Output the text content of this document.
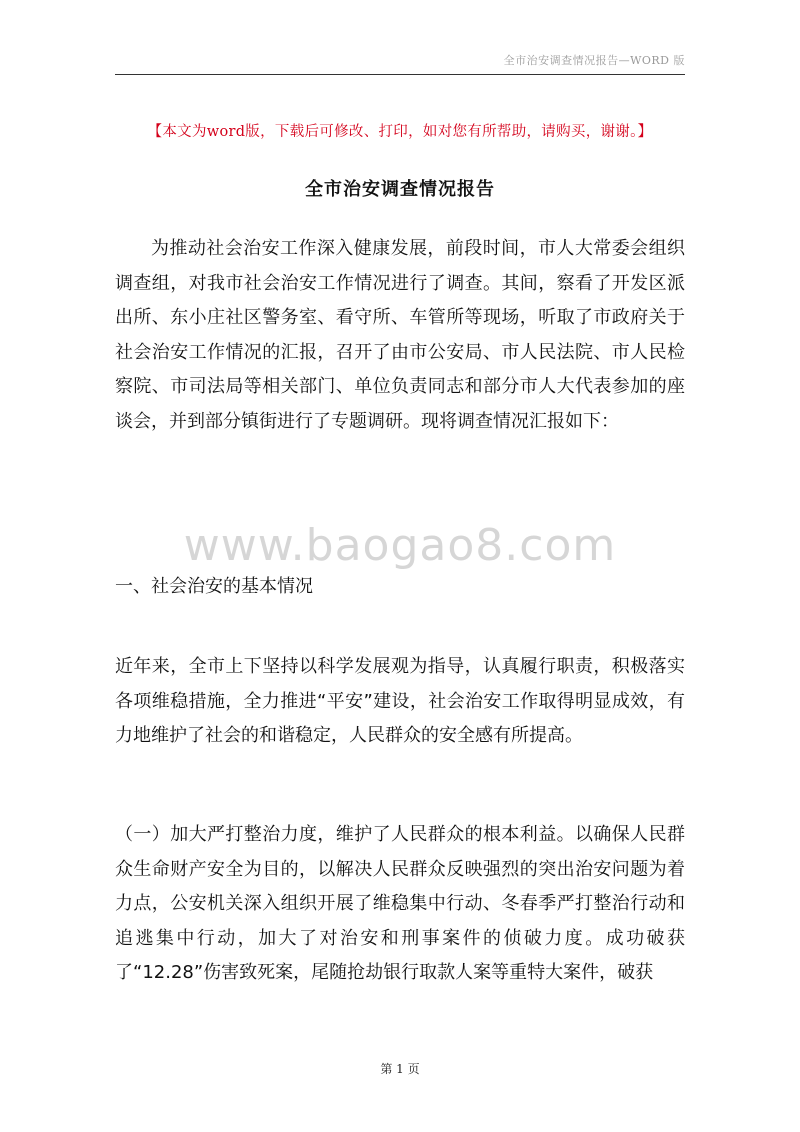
全市治安调查情况报告—WORD 版
【本文为word版，下载后可修改、打印，如对您有所帮助，请购买，谢谢。】
全市治安调查情况报告
www.baogao8.com
为推动社会治安工作深入健康发展，前段时间，市人大常委会组织调查组，对我市社会治安工作情况进行了调查。其间，察看了开发区派出所、东小庄社区警务室、看守所、车管所等现场，听取了市政府关于社会治安工作情况的汇报，召开了由市公安局、市人民法院、市人民检察院、市司法局等相关部门、单位负责同志和部分市人大代表参加的座谈会，并到部分镇街进行了专题调研。现将调查情况汇报如下：
一、社会治安的基本情况
近年来，全市上下坚持以科学发展观为指导，认真履行职责，积极落实各项维稳措施，全力推进“平安”建设，社会治安工作取得明显成效，有力地维护了社会的和谐稳定，人民群众的安全感有所提高。
（一）加大严打整治力度，维护了人民群众的根本利益。以确保人民群众生命财产安全为目的，以解决人民群众反映强烈的突出治安问题为着力点，公安机关深入组织开展了维稳集中行动、冬春季严打整治行动和追逃集中行动，加大了对治安和刑事案件的侦破力度。成功破获了“12.28”伤害致死案，尾随抢劫银行取款人案等重特大案件，破获
第 1 页
